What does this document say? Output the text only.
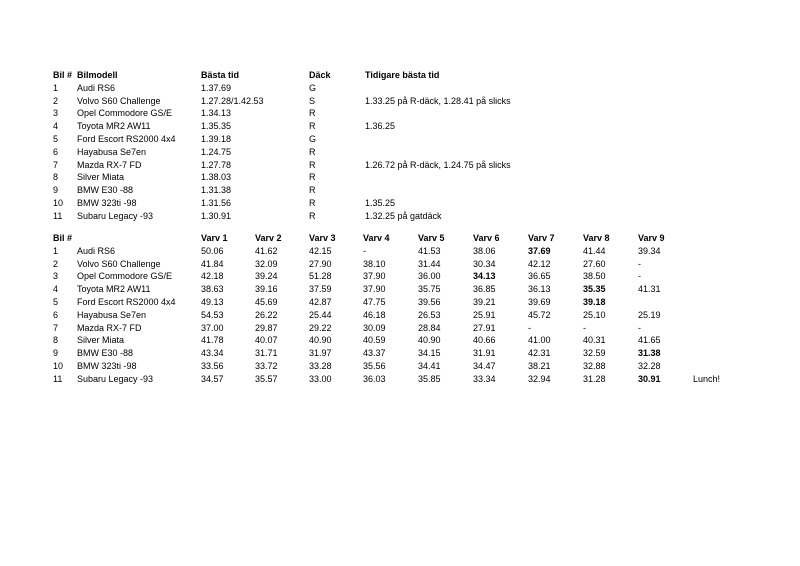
Bil #	Bilmodell	Bästa tid	Däck	Tidigare bästa tid
1	Audi RS6	1.37.69	G	
2	Volvo S60 Challenge	1.27.28/1.42.53	S	1.33.25 på R-däck, 1.28.41 på slicks
3	Opel Commodore GS/E	1.34.13	R	
4	Toyota MR2 AW11	1.35.35	R	1.36.25
5	Ford Escort RS2000 4x4	1.39.18	G	
6	Hayabusa Se7en	1.24.75	R	
7	Mazda RX-7 FD	1.27.78	R	1.26.72 på R-däck, 1.24.75 på slicks
8	Silver Miata	1.38.03	R	
9	BMW E30 -88	1.31.38	R	
10	BMW 323ti -98	1.31.56	R	1.35.25
11	Subaru Legacy -93	1.30.91	R	1.32.25 på gatdäck
Bil #		Varv 1	Varv 2	Varv 3	Varv 4	Varv 5	Varv 6	Varv 7	Varv 8	Varv 9	
1	Audi RS6	50.06	41.62	42.15	-	41.53	38.06	37.69	41.44	39.34	
2	Volvo S60 Challenge	41.84	32.09	27.90	38.10	31.44	30.34	42.12	27.60	-	
3	Opel Commodore GS/E	42.18	39.24	51.28	37.90	36.00	34.13	36.65	38.50	-	
4	Toyota MR2 AW11	38.63	39.16	37.59	37.90	35.75	36.85	36.13	35.35	41.31	
5	Ford Escort RS2000 4x4	49.13	45.69	42.87	47.75	39.56	39.21	39.69	39.18		
6	Hayabusa Se7en	54.53	26.22	25.44	46.18	26.53	25.91	45.72	25.10	25.19	
7	Mazda RX-7 FD	37.00	29.87	29.22	30.09	28.84	27.91	-	-	-	
8	Silver Miata	41.78	40.07	40.90	40.59	40.90	40.66	41.00	40.31	41.65	
9	BMW E30 -88	43.34	31.71	31.97	43.37	34.15	31.91	42.31	32.59	31.38	
10	BMW 323ti -98	33.56	33.72	33.28	35.56	34.41	34.47	38.21	32.88	32.28	
11	Subaru Legacy -93	34.57	35.57	33.00	36.03	35.85	33.34	32.94	31.28	30.91	Lunch!
